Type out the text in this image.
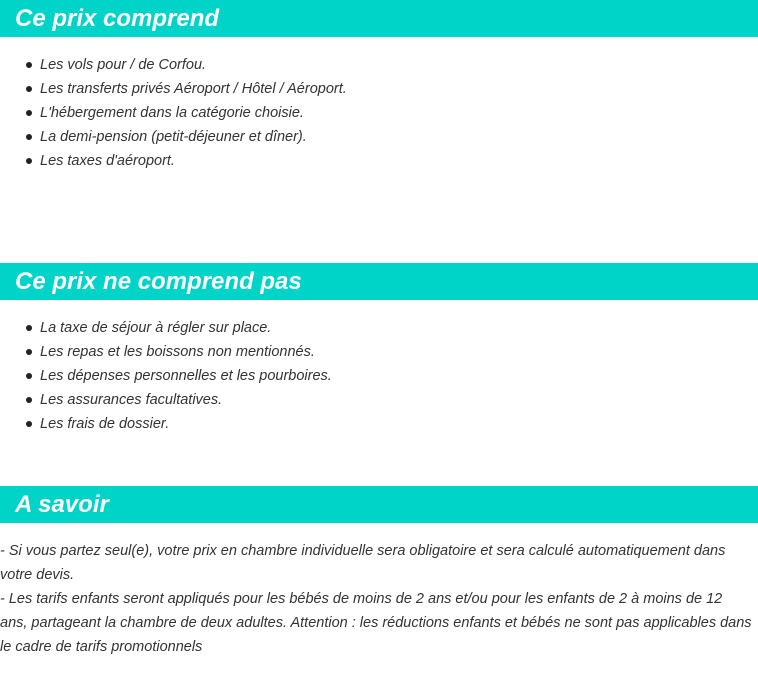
Ce prix comprend
Les vols pour / de Corfou.
Les transferts privés Aéroport / Hôtel / Aéroport.
L'hébergement dans la catégorie choisie.
La demi-pension (petit-déjeuner et dîner).
Les taxes d'aéroport.
Ce prix ne comprend pas
La taxe de séjour à régler sur place.
Les repas et les boissons non mentionnés.
Les dépenses personnelles et les pourboires.
Les assurances facultatives.
Les frais de dossier.
A savoir

- Si vous partez seul(e), votre prix en chambre individuelle sera obligatoire et sera calculé automatiquement dans votre devis.

- Les tarifs enfants seront appliqués pour les bébés de moins de 2 ans et/ou pour les enfants de 2 à moins de 12 ans, partageant la chambre de deux adultes. Attention : les réductions enfants et bébés ne sont pas applicables dans le cadre de tarifs promotionnels
